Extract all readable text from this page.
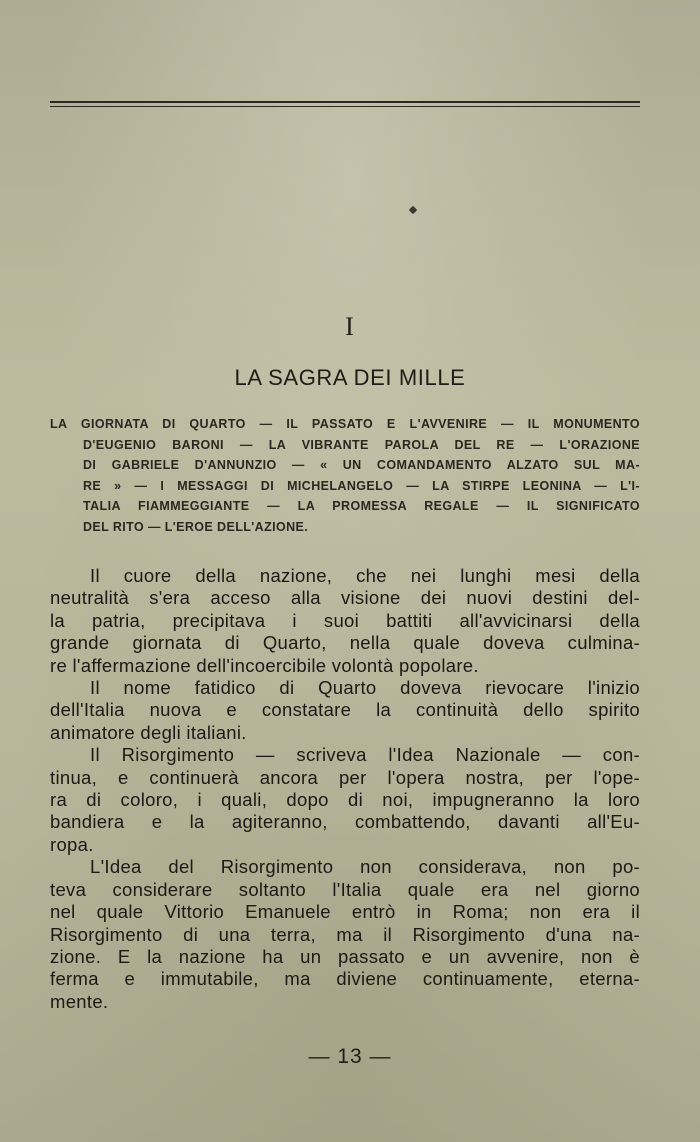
I
LA SAGRA DEI MILLE
LA GIORNATA DI QUARTO — IL PASSATO E L'AVVENIRE — IL MONUMENTO
D'EUGENIO BARONI — LA VIBRANTE PAROLA DEL RE — L'ORAZIONE
DI GABRIELE D'ANNUNZIO — « UN COMANDAMENTO ALZATO SUL MA-
RE » — I MESSAGGI DI MICHELANGELO — LA STIRPE LEONINA — L'I-
TALIA FIAMMEGGIANTE — LA PROMESSA REGALE — IL SIGNIFICATO
DEL RITO — L'EROE DELL'AZIONE.
Il cuore della nazione, che nei lunghi mesi della
neutralità s'era acceso alla visione dei nuovi destini del-
la patria, precipitava i suoi battiti all'avvicinarsi della
grande giornata di Quarto, nella quale doveva culmina-
re l'affermazione dell'incoercibile volontà popolare.
Il nome fatidico di Quarto doveva rievocare l'inizio
dell'Italia nuova e constatare la continuità dello spirito
animatore degli italiani.
Il Risorgimento — scriveva l'Idea Nazionale — con-
tinua, e continuerà ancora per l'opera nostra, per l'ope-
ra di coloro, i quali, dopo di noi, impugneranno la loro
bandiera e la agiteranno, combattendo, davanti all'Eu-
ropa.
L'Idea del Risorgimento non considerava, non po-
teva considerare soltanto l'Italia quale era nel giorno
nel quale Vittorio Emanuele entrò in Roma; non era il
Risorgimento di una terra, ma il Risorgimento d'una na-
zione. E la nazione ha un passato e un avvenire, non è
ferma e immutabile, ma diviene continuamente, eterna-
mente.
— 13 —
